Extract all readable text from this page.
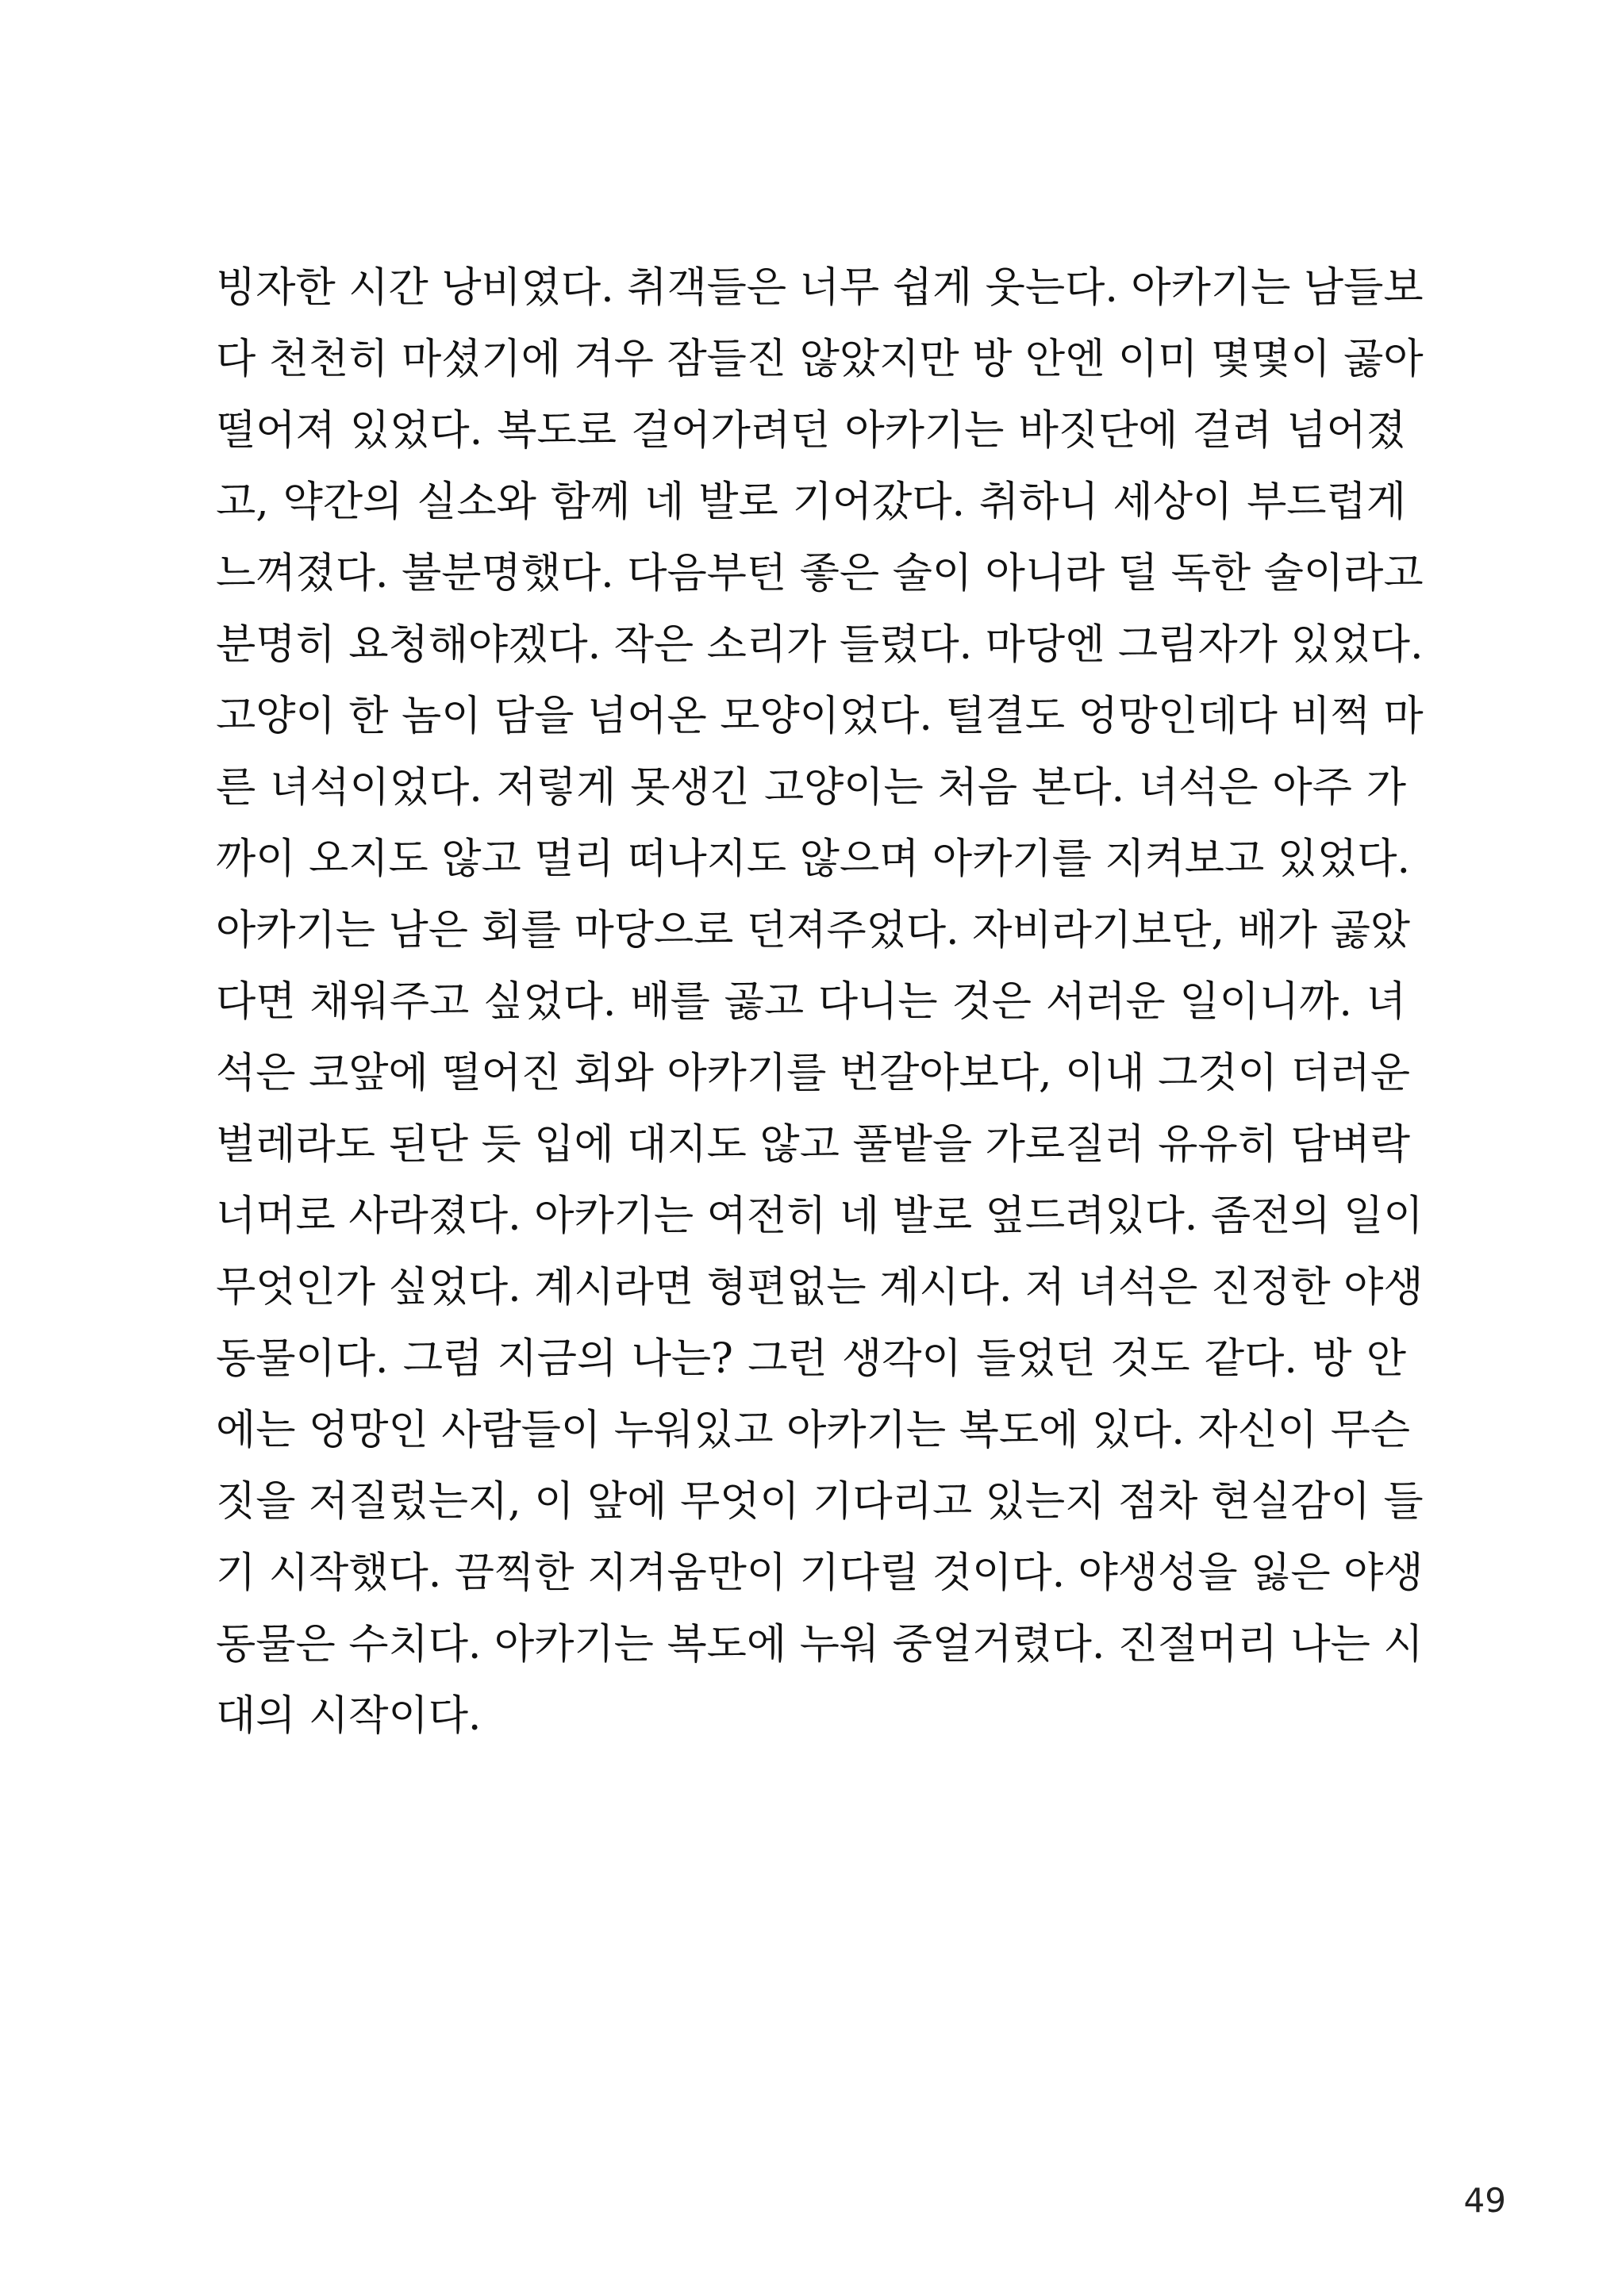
빙자한 시간 낭비였다. 취객들은 너무 쉽게 웃는다. 아카기는 남들보
다 천천히 마셨기에 겨우 잠들진 않았지만 방 안엔 이미 몇몇이 곯아
떨어져 있었다. 복도로 걸어가려던 아카기는 바짓단에 걸려 넘어졌
고, 약간의 실소와 함께 네 발로 기어갔다. 취하니 세상이 부드럽게
느껴졌다. 불분명했다. 다음부턴 좋은 술이 아니라 덜 독한 술이라고
분명히 요청해야겠다. 작은 소리가 들렸다. 마당엔 그림자가 있었다.
고양이 한 놈이 담을 넘어온 모양이었다. 털결도 엉망인데다 비쩍 마
른 녀석이었다. 저렇게 못생긴 고양이는 처음 본다. 녀석은 아주 가
까이 오지도 않고 멀리 떠나지도 않으며 아카기를 지켜보고 있었다.
아카기는 남은 회를 마당으로 던져주었다. 자비라기보단, 배가 곯았
다면 채워주고 싶었다. 배를 곯고 다니는 것은 서러운 일이니까. 녀
석은 코앞에 떨어진 회와 아카기를 번갈아보다, 이내 그것이 더러운
벌레라도 된단 듯 입에 대지도 않고 풀밭을 가로질러 유유히 담벼락
너머로 사라졌다. 아카기는 여전히 네 발로 엎드려있다. 좀전의 일이
무엇인가 싶었다. 계시라면 형편없는 계시다. 저 녀석은 진정한 야생
동물이다. 그럼 지금의 나는? 그런 생각이 들었던 것도 같다. 방 안
에는 엉망인 사람들이 누워있고 아카기는 복도에 있다. 자신이 무슨
짓을 저질렀는지, 이 앞에 무엇이 기다리고 있는지 점차 현실감이 들
기 시작했다. 끔찍한 지겨움만이 기다릴 것이다. 야생성을 잃은 야생
동물은 수치다. 아카기는 복도에 누워 중얼거렸다. 진절머리 나는 시
대의 시작이다.
49
